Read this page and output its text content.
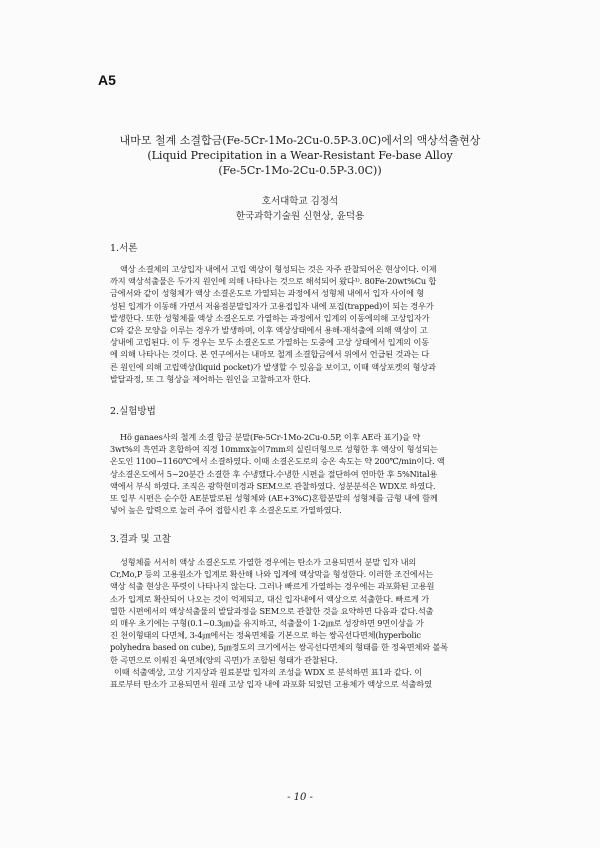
A5
내마모 철계 소결합금(Fe-5Cr-1Mo-2Cu-0.5P-3.0C)에서의 액상석출현상
(Liquid Precipitation in a Wear-Resistant Fe-base Alloy
(Fe-5Cr-1Mo-2Cu-0.5P-3.0C))
호서대학교 김정석
한국과학기술원 신현상, 윤덕용
1.서론
액상 소결체의 고상입자 내에서 고립 액상이 형성되는 것은 자주 관찰되어온 현상이다. 이제
까지 액상석출물은 두가지 원인에 의해 나타나는 것으로 해석되어 왔다¹⁾. 80Fe-20wt%Cu 합
금에서와 같이 성형체가 액상 소결온도로 가열되는 과정에서 성형체 내에서 입자 사이에 형
성된 입계가 이동해 가면서 저융점분말입자가 고용접입자 내에 포집(trapped)이 되는 경우가
발생한다. 또한 성형체를 액상 소결온도로 가열하는 과정에서 입계의 이동에의해 고상입자가
C와 같은 모양을 이루는 경우가 발생하며, 이후 액상상태에서 용해-재석출에 의해 액상이 고
상내에 고립된다. 이 두 경우는 모두 소결온도로 가열하는 도중에 고상 상태에서 입계의 이동
에 의해 나타나는 것이다. 본 연구에서는 내마모 철계 소결합금에서 위에서 언급된 것과는 다
른 원인에 의해 고립액상(liquid pocket)가 발생할 수 있음을 보이고, 이때 액상포켓의 형상과
발달과정, 또 그 형상을 제어하는 원인을 고찰하고자 한다.
2.실험방법
Hö ganaes사의 철계 소결 합금 분말(Fe-5Cr-1Mo-2Cu-0.5P, 이후 AE라 표기)을 약
3wt%의 흑연과 혼합하여 직경 10mmx높이7mm의 실린더형으로 성형한 후 액상이 형성되는
온도인 1100~1160℃에서 소결하였다. 이때 소결온도로의 승온 속도는 약 200℃/min이다. 액
상소결온도에서 5~20분간 소결한 후 수냉했다.수냉한 시편을 절단하여 연마한 후 5%Nital용
액에서 부식 하였다. 조직은 광학현미경과 SEM으로 관찰하였다. 성분분석은 WDX로 하였다.
또 일부 시편은 순수한 AE분말로된 성형체와 (AE+3%C)혼합분말의 성형체를 금형 내에 함께
넣어 높은 압력으로 눌러 주어 접합시킨 후 소결온도로 가열하였다.
3.결과 및 고찰
성형체를 서서히 액상 소결온도로 가열한 경우에는 탄소가 고용되면서 분말 입자 내의
Cr,Mo,P 등의 고용원소가 입계로 확산해 나와 입계에 액상막을 형성한다. 이러한 조건에서는
액상 석출 현상은 뚜렷이 나타나지 않는다. 그러나 빠르게 가열하는 경우에는 과포화된 고용원
소가 입계로 확산되어 나오는 것이 억제되고, 대신 입자내에서 액상으로 석출한다. 빠르게 가
열한 시편에서의 액상석출물의 발달과정을 SEM으로 관찰한 것을 요약하면 다음과 같다.석출
의 매우 초기에는 구형(0.1~0.3㎛)을 유지하고, 석출물이 1-2㎛로 성장하면 9면이상을 가
진 천이형태의 다면체, 3-4㎛에서는 정육면체를 기본으로 하는 쌍곡선다면체(hyperbolic
polyhedra based on cube), 5㎛정도의 크기에서는 쌍곡선다면체의 형태를 한 정육면체와 볼록
한 곡면으로 이뤄진 육면체(양의 곡면)가 조합된 형태가 관찰된다.
이때 석출액상, 고상 기지상과 원료분말 입자의 조성을 WDX 로 분석하면 표1과 같다. 이
표로부터 탄소가 고용되면서 원래 고상 입자 내에 과포화 되었던 고용체가 액상으로 석출하였
- 10 -
